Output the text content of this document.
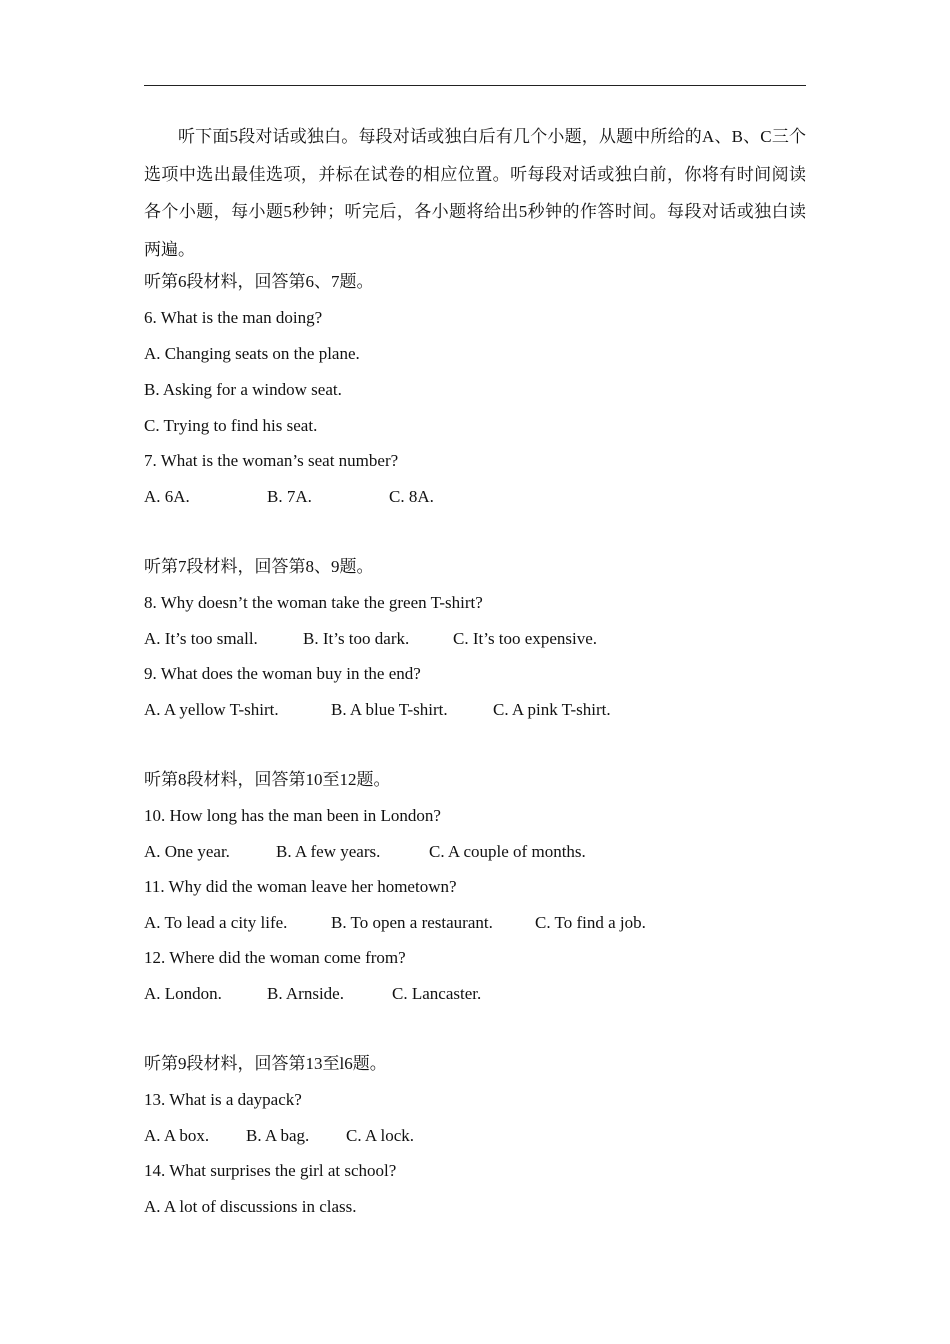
听下面5段对话或独白。每段对话或独白后有几个小题，从题中所给的A、B、C三个选项中选出最佳选项，并标在试卷的相应位置。听每段对话或独白前，你将有时间阅读各个小题，每小题5秒钟；听完后，各小题将给出5秒钟的作答时间。每段对话或独白读两遍。
听第6段材料，回答第6、7题。
6. What is the man doing?
A. Changing seats on the plane.
B. Asking for a window seat.
C. Trying to find his seat.
7. What is the woman’s seat number?
A. 6A.	B. 7A.	C. 8A.
听第7段材料，回答第8、9题。
8. Why doesn’t the woman take the green T-shirt?
A. It’s too small.	B. It’s too dark.	C. It’s too expensive.
9. What does the woman buy in the end?
A. A yellow T-shirt.	B. A blue T-shirt.	C. A pink T-shirt.
听第8段材料，回答第10至12题。
10. How long has the man been in London?
A. One year.	B. A few years.	C. A couple of months.
11. Why did the woman leave her hometown?
A. To lead a city life.	B. To open a restaurant. C. To find a job.
12. Where did the woman come from?
A. London.	B. Arnside.	C. Lancaster.
听第9段材料，回答第13至l6题。
13. What is a daypack?
A. A box. B. A bag. C. A lock.
14. What surprises the girl at school?
A. A lot of discussions in class.
